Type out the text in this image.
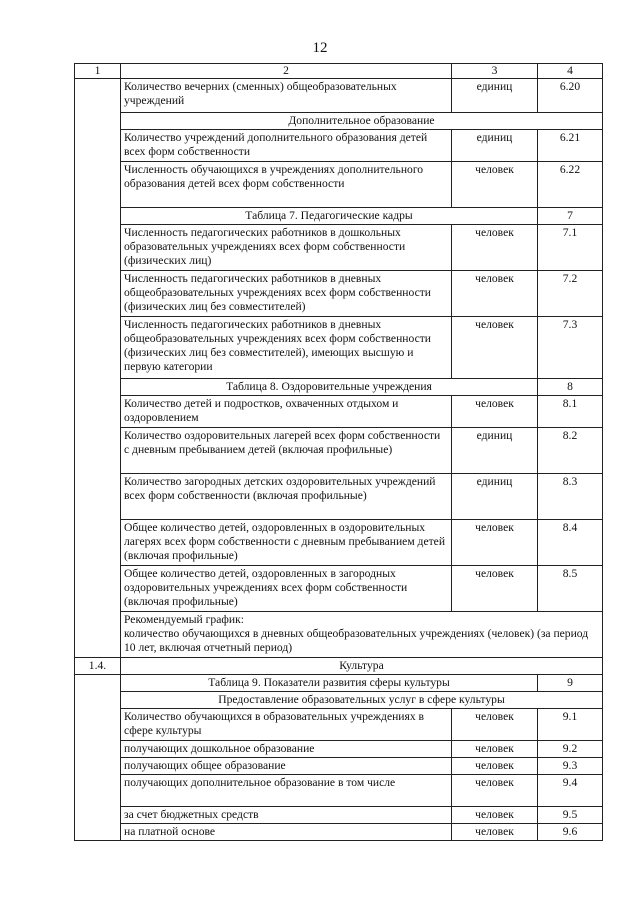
12
1	2	3	4
	Количество вечерних (сменных) общеобразовательных учреждений	единиц	6.20
	Дополнительное образование		
	Количество учреждений дополнительного образования детей всех форм собственности	единиц	6.21
	Численность обучающихся в учреждениях дополнительного образования детей всех форм собственности	человек	6.22
	Таблица 7. Педагогические кадры		7
	Численность педагогических работников в дошкольных образовательных учреждениях всех форм собственности (физических лиц)	человек	7.1
	Численность педагогических работников в дневных общеобразовательных учреждениях всех форм собственности (физических лиц без совместителей)	человек	7.2
	Численность педагогических работников в дневных общеобразовательных учреждениях всех форм собственности (физических лиц без совместителей), имеющих высшую и первую категории	человек	7.3
	Таблица 8. Оздоровительные учреждения		8
	Количество детей и подростков, охваченных отдыхом и оздоровлением	человек	8.1
	Количество оздоровительных лагерей всех форм собственности с дневным пребыванием детей (включая профильные)	единиц	8.2
	Количество загородных детских оздоровительных учреждений всех форм собственности (включая профильные)	единиц	8.3
	Общее количество детей, оздоровленных в оздоровительных лагерях всех форм собственности с дневным пребыванием детей (включая профильные)	человек	8.4
	Общее количество детей, оздоровленных в загородных оздоровительных учреждениях всех форм собственности (включая профильные)	человек	8.5
	Рекомендуемый график:
количество обучающихся в дневных общеобразовательных учреждениях (человек) (за период 10 лет, включая отчетный период)		
1.4.	Культура		
	Таблица 9. Показатели развития сферы культуры		9
	Предоставление образовательных услуг в сфере культуры		
	Количество обучающихся в образовательных учреждениях в сфере культуры	человек	9.1
	получающих дошкольное образование	человек	9.2
	получающих общее образование	человек	9.3
	получающих дополнительное образование в том числе	человек	9.4
	за счет бюджетных средств	человек	9.5
	на платной основе	человек	9.6
